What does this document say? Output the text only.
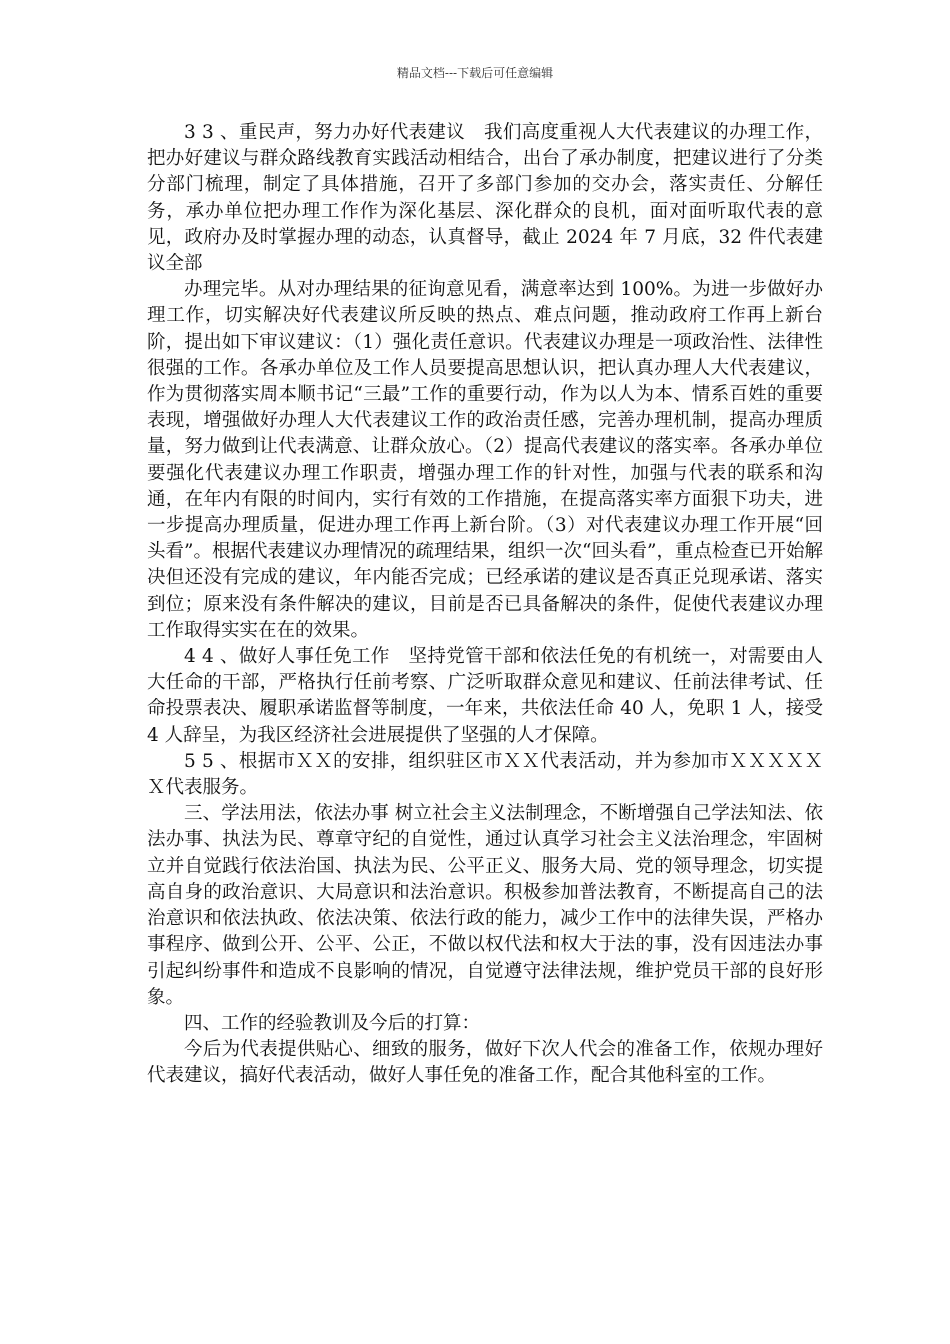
精品文档---下载后可任意编辑

3 3 、重民声，努力办好代表建议　我们高度重视人大代表建议的办理工作，把办好建议与群众路线教育实践活动相结合，出台了承办制度，把建议进行了分类分部门梳理，制定了具体措施，召开了多部门参加的交办会，落实责任、分解任务，承办单位把办理工作作为深化基层、深化群众的良机，面对面听取代表的意见，政府办及时掌握办理的动态，认真督导，截止 2024 年 7 月底，32 件代表建议全部

办理完毕。从对办理结果的征询意见看，满意率达到 100%。为进一步做好办理工作，切实解决好代表建议所反映的热点、难点问题，推动政府工作再上新台阶，提出如下审议建议：（1）强化责任意识。代表建议办理是一项政治性、法律性很强的工作。各承办单位及工作人员要提高思想认识，把认真办理人大代表建议，作为贯彻落实周本顺书记“三最”工作的重要行动，作为以人为本、情系百姓的重要表现，增强做好办理人大代表建议工作的政治责任感，完善办理机制，提高办理质量，努力做到让代表满意、让群众放心。（2）提高代表建议的落实率。各承办单位要强化代表建议办理工作职责，增强办理工作的针对性，加强与代表的联系和沟通，在年内有限的时间内，实行有效的工作措施，在提高落实率方面狠下功夫，进一步提高办理质量，促进办理工作再上新台阶。（3）对代表建议办理工作开展“回头看”。根据代表建议办理情况的疏理结果，组织一次“回头看”，重点检查已开始解决但还没有完成的建议，年内能否完成；已经承诺的建议是否真正兑现承诺、落实到位；原来没有条件解决的建议，目前是否已具备解决的条件，促使代表建议办理工作取得实实在在的效果。

4 4 、做好人事任免工作　坚持党管干部和依法任免的有机统一，对需要由人大任命的干部，严格执行任前考察、广泛听取群众意见和建议、任前法律考试、任命投票表决、履职承诺监督等制度，一年来，共依法任命 40 人，免职 1 人，接受 4 人辞呈，为我区经济社会进展提供了坚强的人才保障。

5 5 、根据市ＸＸ的安排，组织驻区市ＸＸ代表活动，并为参加市ＸＸＸＸＸＸ代表服务。

三、学法用法，依法办事 树立社会主义法制理念，不断增强自己学法知法、依法办事、执法为民、尊章守纪的自觉性，通过认真学习社会主义法治理念，牢固树立并自觉践行依法治国、执法为民、公平正义、服务大局、党的领导理念，切实提高自身的政治意识、大局意识和法治意识。积极参加普法教育，不断提高自己的法治意识和依法执政、依法决策、依法行政的能力，减少工作中的法律失误，严格办事程序、做到公开、公平、公正，不做以权代法和权大于法的事，没有因违法办事引起纠纷事件和造成不良影响的情况，自觉遵守法律法规，维护党员干部的良好形象。

四、工作的经验教训及今后的打算：

今后为代表提供贴心、细致的服务，做好下次人代会的准备工作，依规办理好代表建议，搞好代表活动，做好人事任免的准备工作，配合其他科室的工作。
